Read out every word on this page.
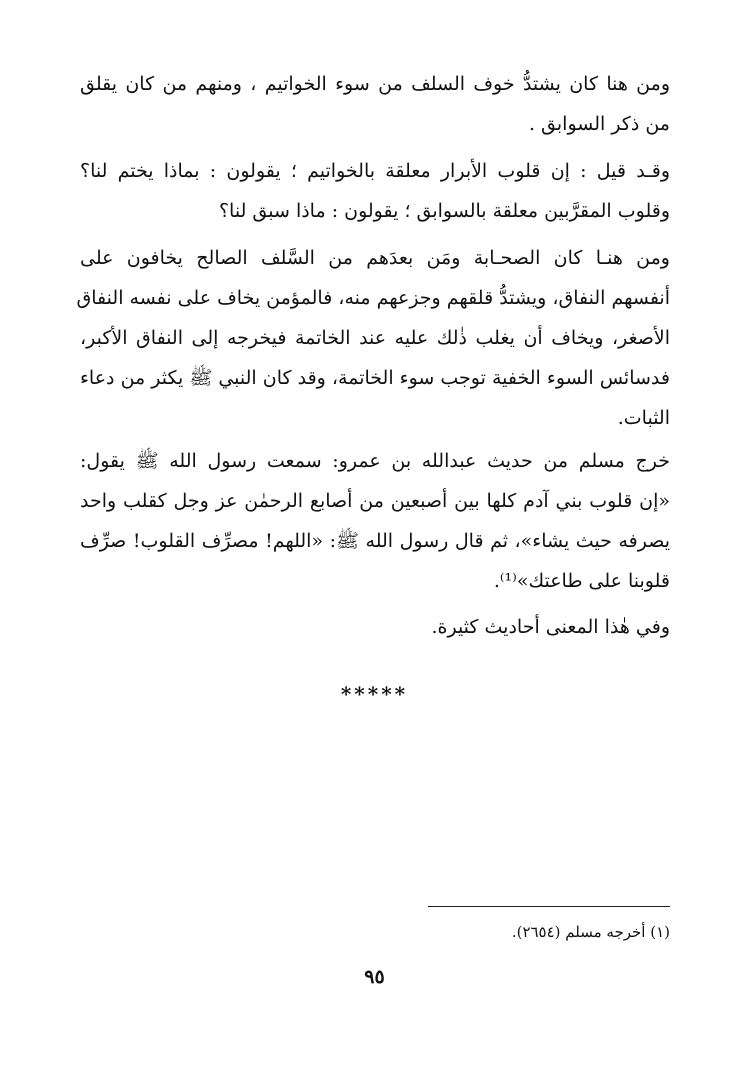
ومن هنا كان يشتدُّ خوف السلف من سوء الخواتيم ، ومنهم من كان يقلق
من ذكر السوابق .
وقـد قيل : إن قلوب الأبرار معلقة بالخواتيم ؛ يقولون : بماذا يختم لنا؟
وقلوب المقرَّبين معلقة بالسوابق ؛ يقولون : ماذا سبق لنا؟
ومن هنـا كان الصحـابة ومَن بعدَهم من السَّلف الصالح يخافون على
أنفسهم النفاق، ويشتدُّ قلقهم وجزعهم منه، فالمؤمن يخاف على نفسه النفاق
الأصغر، ويخاف أن يغلب ذٰلك عليه عند الخاتمة فيخرجه إلى النفاق الأكبر،
فدسائس السوء الخفية توجب سوء الخاتمة، وقد كان النبي ﷺ يكثر من دعاء
الثبات.
خرج مسلم من حديث عبدالله بن عمرو: سمعت رسول الله ﷺ يقول:
«إن قلوب بني آدم كلها بين أصبعين من أصابع الرحمٰن عز وجل كقلب واحد
يصرفه حيث يشاء»، ثم قال رسول الله ﷺ: «اللهم! مصرِّف القلوب! صرِّف
قلوبنا على طاعتك»⁽¹⁾.
وفي هٰذا المعنى أحاديث كثيرة.
*****
(١) أخرجه مسلم (٢٦٥٤).
٩٥
